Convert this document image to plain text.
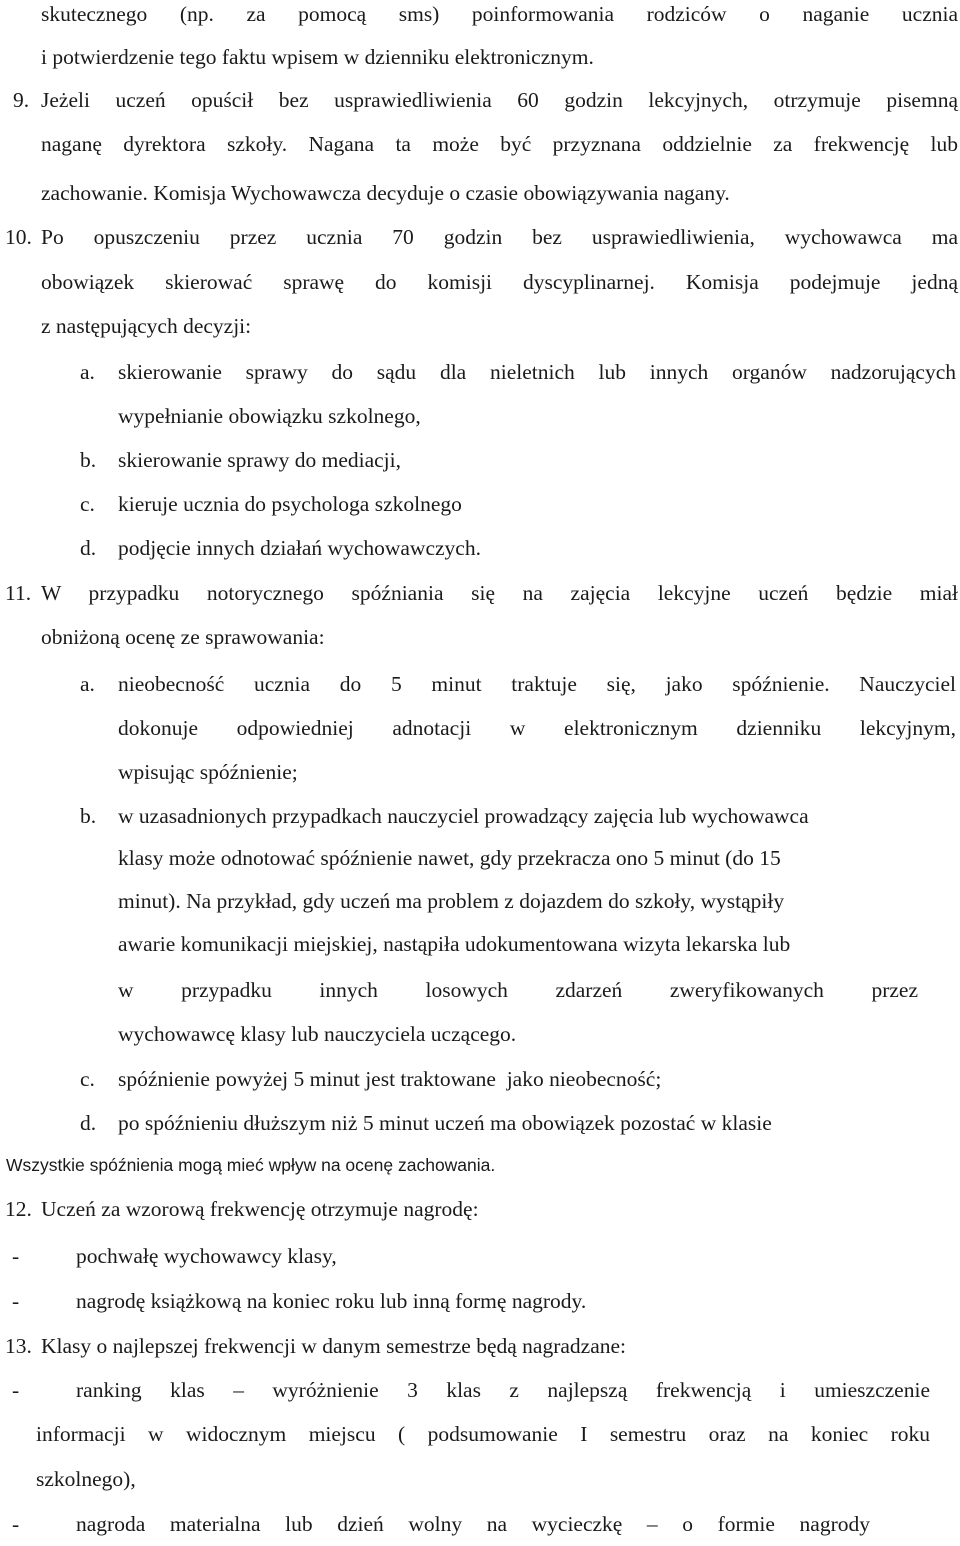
skutecznego (np. za pomocą sms) poinformowania rodziców o naganie ucznia
i potwierdzenie tego faktu wpisem w dzienniku elektronicznym.
9. Jeżeli uczeń opuścił bez usprawiedliwienia 60 godzin lekcyjnych, otrzymuje pisemną
naganę dyrektora szkoły. Nagana ta może być przyznana oddzielnie za frekwencję lub
zachowanie. Komisja Wychowawcza decyduje o czasie obowiązywania nagany.
10. Po opuszczeniu przez ucznia 70 godzin bez usprawiedliwienia, wychowawca ma
obowiązek skierować sprawę do komisji dyscyplinarnej. Komisja podejmuje jedną
z następujących decyzji:
a. skierowanie sprawy do sądu dla nieletnich lub innych organów nadzorujących
wypełnianie obowiązku szkolnego,
b. skierowanie sprawy do mediacji,
c. kieruje ucznia do psychologa szkolnego
d. podjęcie innych działań wychowawczych.
11. W przypadku notorycznego spóźniania się na zajęcia lekcyjne uczeń będzie miał
obniżoną ocenę ze sprawowania:
a. nieobecność ucznia do 5 minut traktuje się, jako spóźnienie. Nauczyciel
dokonuje odpowiedniej adnotacji w elektronicznym dzienniku lekcyjnym,
wpisując spóźnienie;
b. w uzasadnionych przypadkach nauczyciel prowadzący zajęcia lub wychowawca
klasy może odnotować spóźnienie nawet, gdy przekracza ono 5 minut (do 15
minut). Na przykład, gdy uczeń ma problem z dojazdem do szkoły, wystąpiły
awarie komunikacji miejskiej, nastąpiła udokumentowana wizyta lekarska lub
w przypadku innych losowych zdarzeń zweryfikowanych przez
wychowawcę klasy lub nauczyciela uczącego.
c. spóźnienie powyżej 5 minut jest traktowane  jako nieobecność;
d. po spóźnieniu dłuższym niż 5 minut uczeń ma obowiązek pozostać w klasie
Wszystkie spóźnienia mogą mieć wpływ na ocenę zachowania.
12. Uczeń za wzorową frekwencję otrzymuje nagrodę:
-	pochwałę wychowawcy klasy,
-	nagrodę książkową na koniec roku lub inną formę nagrody.
13. Klasy o najlepszej frekwencji w danym semestrze będą nagradzane:
-	ranking klas – wyróżnienie 3 klas z najlepszą frekwencją i umieszczenie
informacji w widocznym miejscu ( podsumowanie I semestru oraz na koniec roku
szkolnego),
-	nagroda materialna lub dzień wolny na wycieczkę – o formie nagrody
